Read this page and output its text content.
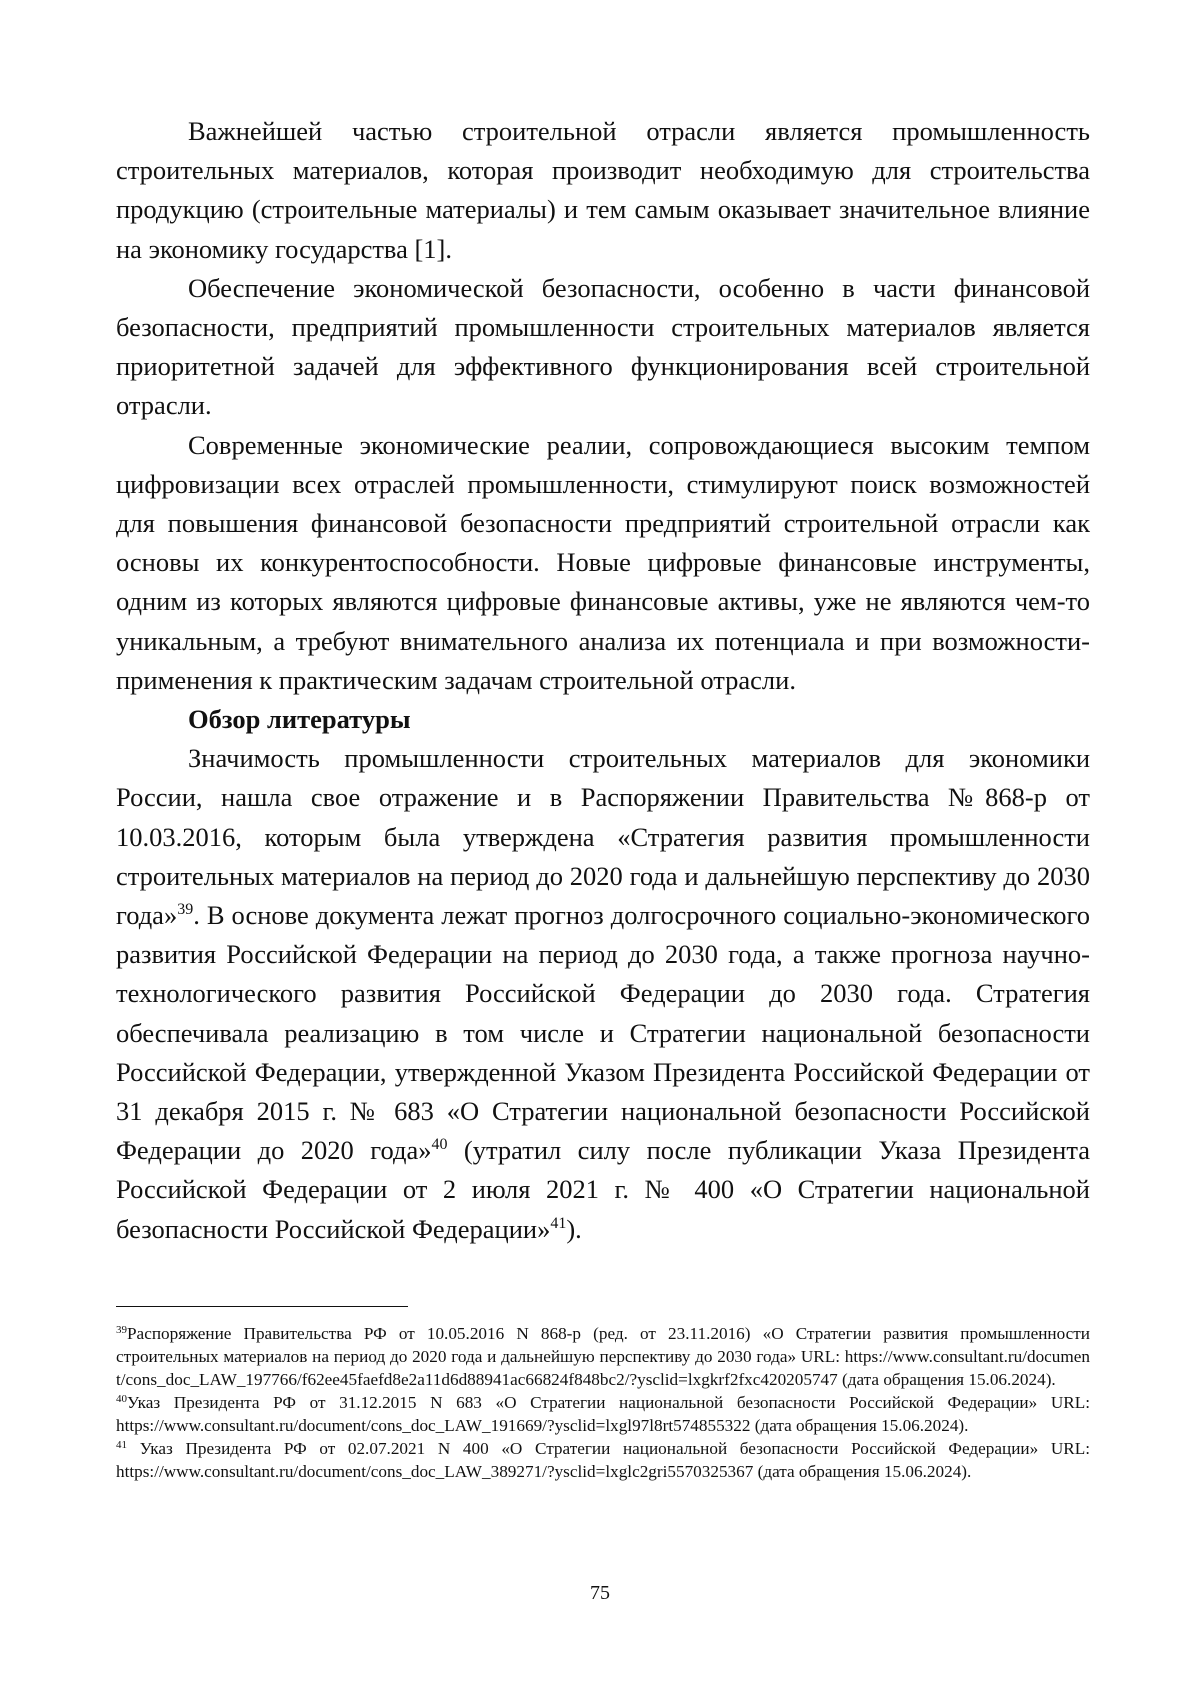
Важнейшей частью строительной отрасли является промышленность строительных материалов, которая производит необходимую для строительства продукцию (строительные материалы) и тем самым оказывает значительное влияние на экономику государства [1].

Обеспечение экономической безопасности, особенно в части финансовой безопасности, предприятий промышленности строительных материалов является приоритетной задачей для эффективного функционирования всей строительной отрасли.

Современные экономические реалии, сопровождающиеся высоким темпом цифровизации всех отраслей промышленности, стимулируют поиск возможностей для повышения финансовой безопасности предприятий строительной отрасли как основы их конкурентоспособности. Новые цифровые финансовые инструменты, одним из которых являются цифровые финансовые активы, уже не являются чем-то уникальным, а требуют внимательного анализа их потенциала и при возможности- применения к практическим задачам строительной отрасли.

Обзор литературы

Значимость промышленности строительных материалов для экономики России, нашла свое отражение и в Распоряжении Правительства №868-р от 10.03.2016, которым была утверждена «Стратегия развития промышленности строительных материалов на период до 2020 года и дальнейшую перспективу до 2030 года»$^{39}$. В основе документа лежат прогноз долгосрочного социально-экономического развития Российской Федерации на период до 2030 года, а также прогноза научно-технологического развития Российской Федерации до 2030 года. Стратегия обеспечивала реализацию в том числе и Стратегии национальной безопасности Российской Федерации, утвержденной Указом Президента Российской Федерации от 31 декабря 2015 г. № 683 «О Стратегии национальной безопасности Российской Федерации до 2020 года»$^{40}$ (утратил силу после публикации Указа Президента Российской Федерации от 2 июля 2021 г. № 400 «О Стратегии национальной безопасности Российской Федерации»$^{41}$).

$^{39}$Распоряжение Правительства РФ от 10.05.2016 N 868-р (ред. от 23.11.2016) «О Стратегии развития промышленности строительных материалов на период до 2020 года и дальнейшую перспективу до 2030 года» URL: https://www.consultant.ru/document/cons_doc_LAW_197766/f62ee45faefd8e2a11d6d88941ac66824f848bc2/?ysclid=lxgkrf2fxc420205747 (дата обращения 15.06.2024).

$^{40}$Указ Президента РФ от 31.12.2015 N 683 «О Стратегии национальной безопасности Российской Федерации» URL: https://www.consultant.ru/document/cons_doc_LAW_191669/?ysclid=lxgl97l8rt574855322 (дата обращения 15.06.2024).

$^{41}$ Указ Президента РФ от 02.07.2021 N 400 «О Стратегии национальной безопасности Российской Федерации» URL: https://www.consultant.ru/document/cons_doc_LAW_389271/?ysclid=lxglc2gri5570325367 (дата обращения 15.06.2024).

75
